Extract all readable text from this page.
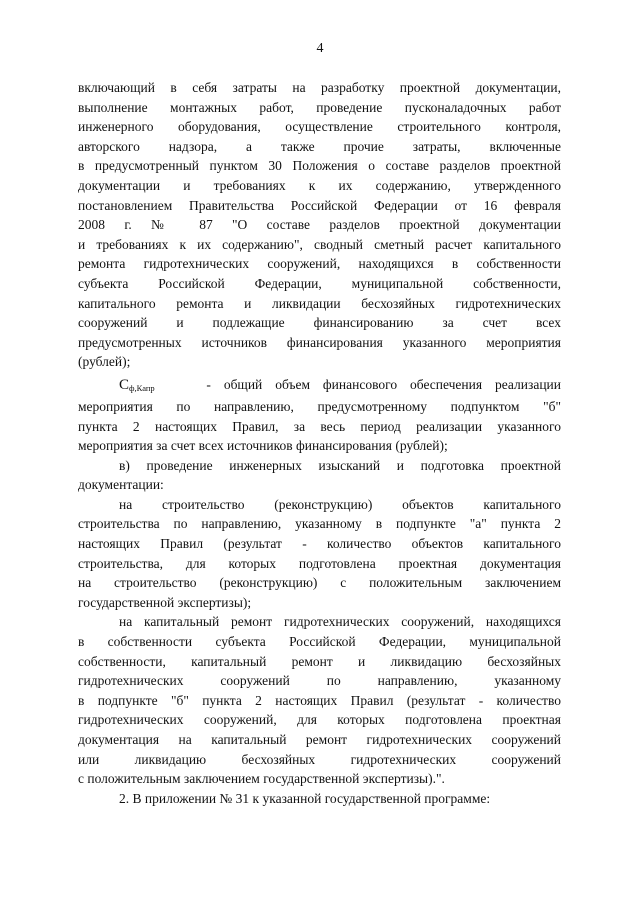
4
включающий в себя затраты на разработку проектной документации,
выполнение монтажных работ, проведение пусконаладочных работ
инженерного оборудования, осуществление строительного контроля,
авторского надзора, а также прочие затраты, включенные
в предусмотренный пунктом 30 Положения о составе разделов проектной
документации и требованиях к их содержанию, утвержденного
постановлением Правительства Российской Федерации от 16 февраля
2008 г. № 87 "О составе разделов проектной документации
и требованиях к их содержанию", сводный сметный расчет капитального
ремонта гидротехнических сооружений, находящихся в собственности
субъекта Российской Федерации, муниципальной собственности,
капитального ремонта и ликвидации бесхозяйных гидротехнических
сооружений и подлежащие финансированию за счет всех
предусмотренных источников финансирования указанного мероприятия
(рублей);
$С_{ф,Капр}$	- общий объем финансового обеспечения реализации
мероприятия по направлению, предусмотренному подпунктом "б"
пункта 2 настоящих Правил, за весь период реализации указанного
мероприятия за счет всех источников финансирования (рублей);
в) проведение инженерных изысканий и подготовка проектной
документации:
на строительство (реконструкцию) объектов капитального
строительства по направлению, указанному в подпункте "а" пункта 2
настоящих Правил (результат - количество объектов капитального
строительства, для которых подготовлена проектная документация
на строительство (реконструкцию) с положительным заключением
государственной экспертизы);
на капитальный ремонт гидротехнических сооружений, находящихся
в собственности субъекта Российской Федерации, муниципальной
собственности, капитальный ремонт и ликвидацию бесхозяйных
гидротехнических сооружений по направлению, указанному
в подпункте "б" пункта 2 настоящих Правил (результат - количество
гидротехнических сооружений, для которых подготовлена проектная
документация на капитальный ремонт гидротехнических сооружений
или ликвидацию бесхозяйных гидротехнических сооружений
с положительным заключением государственной экспертизы).".
2. В приложении № 31 к указанной государственной программе:
